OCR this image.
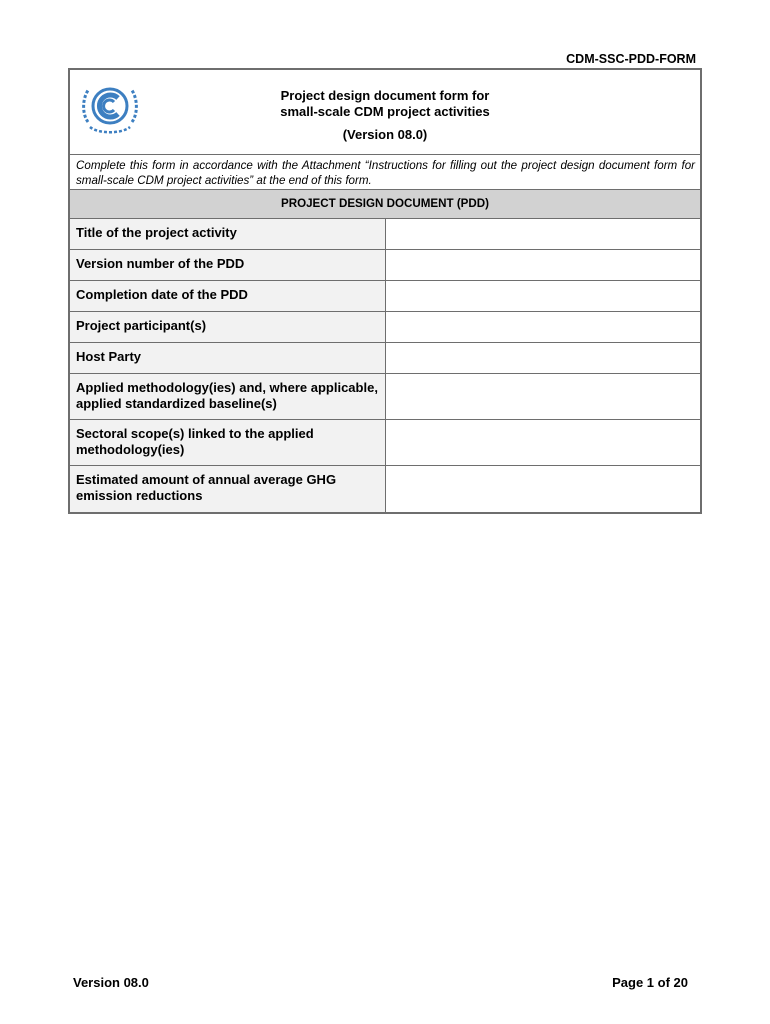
CDM-SSC-PDD-FORM
Project design document form for
small-scale CDM project activities
(Version 08.0)
Complete this form in accordance with the Attachment “Instructions for filling out the project design document form for small-scale CDM project activities” at the end of this form.
PROJECT DESIGN DOCUMENT (PDD)
Title of the project activity
Version number of the PDD
Completion date of the PDD
Project participant(s)
Host Party
Applied methodology(ies) and, where applicable, applied standardized baseline(s)
Sectoral scope(s) linked to the applied methodology(ies)
Estimated amount of annual average GHG emission reductions
Version 08.0	Page 1 of 20
